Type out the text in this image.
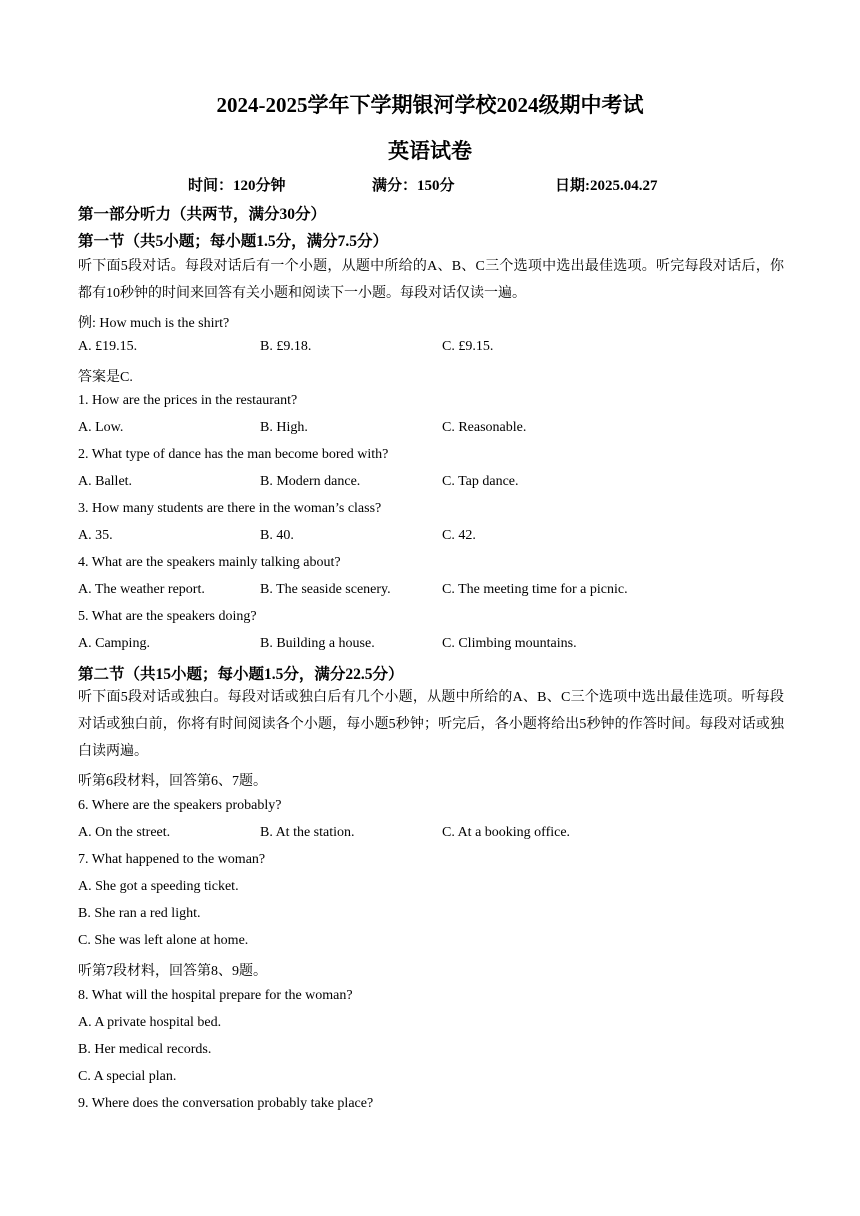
2024-2025学年下学期银河学校2024级期中考试
英语试卷
时间：120分钟	满分：150分	日期:2025.04.27
第一部分听力（共两节，满分30分）
第一节（共5小题；每小题1.5分，满分7.5分）
听下面5段对话。每段对话后有一个小题，从题中所给的A、B、C三个选项中选出最佳选项。听完每段对话后，你都有10秒钟的时间来回答有关小题和阅读下一小题。每段对话仅读一遍。
例: How much is the shirt?
A. £19.15.	B. £9.18.	C. £9.15.
答案是C.
1. How are the prices in the restaurant?
A. Low.	B. High.	C. Reasonable.
2. What type of dance has the man become bored with?
A. Ballet.	B. Modern dance.	C. Tap dance.
3. How many students are there in the woman’s class?
A. 35.	B. 40.	C. 42.
4. What are the speakers mainly talking about?
A. The weather report.	B. The seaside scenery.	C. The meeting time for a picnic.
5. What are the speakers doing?
A. Camping.	B. Building a house.	C. Climbing mountains.
第二节（共15小题；每小题1.5分，满分22.5分）
听下面5段对话或独白。每段对话或独白后有几个小题，从题中所给的A、B、C三个选项中选出最佳选项。听每段对话或独白前，你将有时间阅读各个小题，每小题5秒钟；听完后，各小题将给出5秒钟的作答时间。每段对话或独白读两遍。
听第6段材料，回答第6、7题。
6. Where are the speakers probably?
A. On the street.	B. At the station.	C. At a booking office.
7. What happened to the woman?
A. She got a speeding ticket.
B. She ran a red light.
C. She was left alone at home.
听第7段材料，回答第8、9题。
8. What will the hospital prepare for the woman?
A. A private hospital bed.
B. Her medical records.
C. A special plan.
9. Where does the conversation probably take place?
